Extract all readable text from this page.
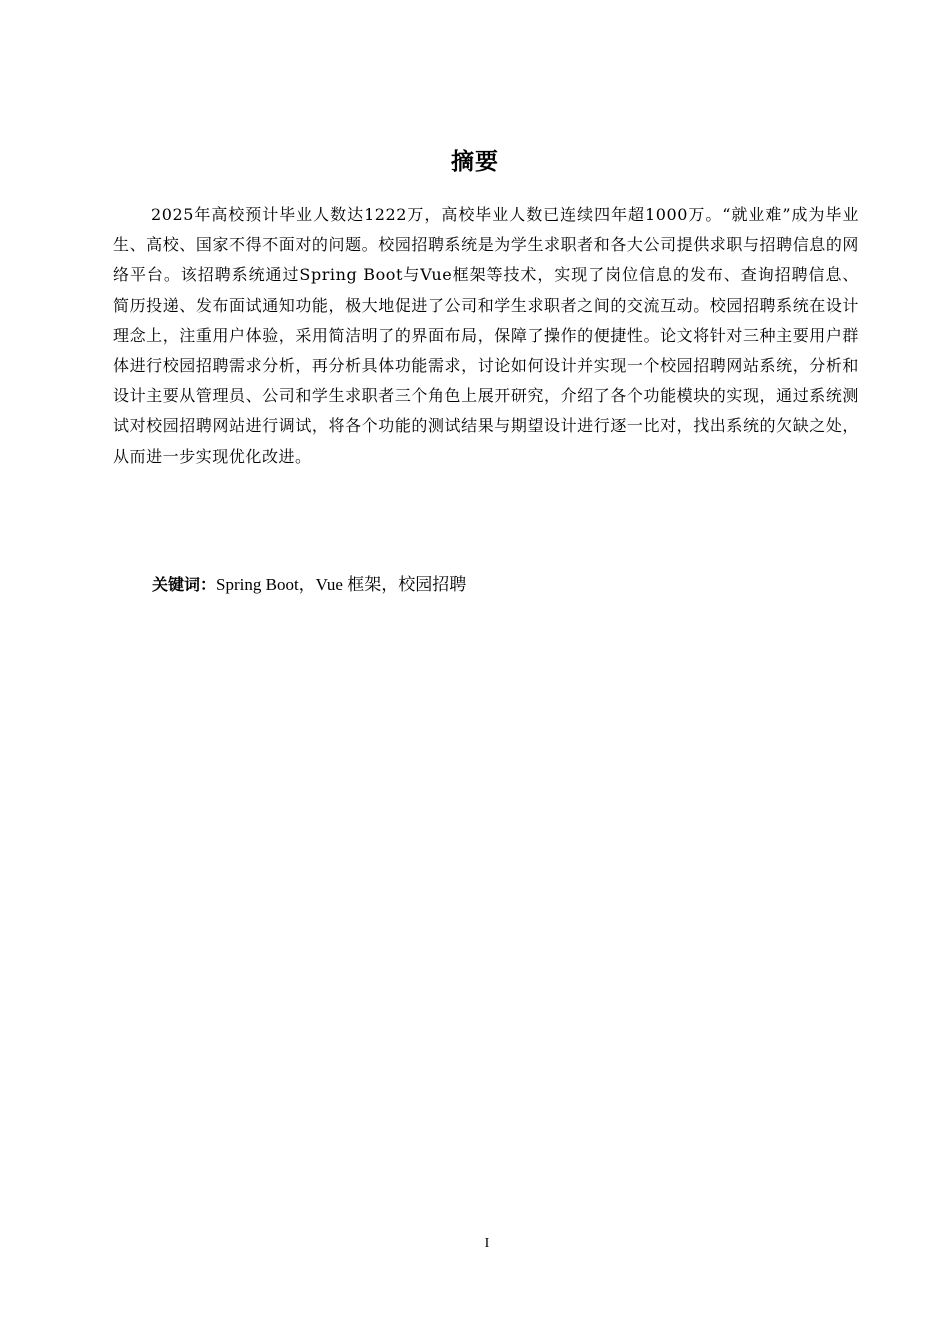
摘要

2025年高校预计毕业人数达1222万，高校毕业人数已连续四年超1000万。“就业难”成为毕业生、高校、国家不得不面对的问题。校园招聘系统是为学生求职者和各大公司提供求职与招聘信息的网络平台。该招聘系统通过Spring Boot与Vue框架等技术，实现了岗位信息的发布、查询招聘信息、简历投递、发布面试通知功能，极大地促进了公司和学生求职者之间的交流互动。校园招聘系统在设计理念上，注重用户体验，采用简洁明了的界面布局，保障了操作的便捷性。论文将针对三种主要用户群体进行校园招聘需求分析，再分析具体功能需求，讨论如何设计并实现一个校园招聘网站系统，分析和设计主要从管理员、公司和学生求职者三个角色上展开研究，介绍了各个功能模块的实现，通过系统测试对校园招聘网站进行调试，将各个功能的测试结果与期望设计进行逐一比对，找出系统的欠缺之处，从而进一步实现优化改进。

关键词：Spring Boot，Vue 框架，校园招聘
I
